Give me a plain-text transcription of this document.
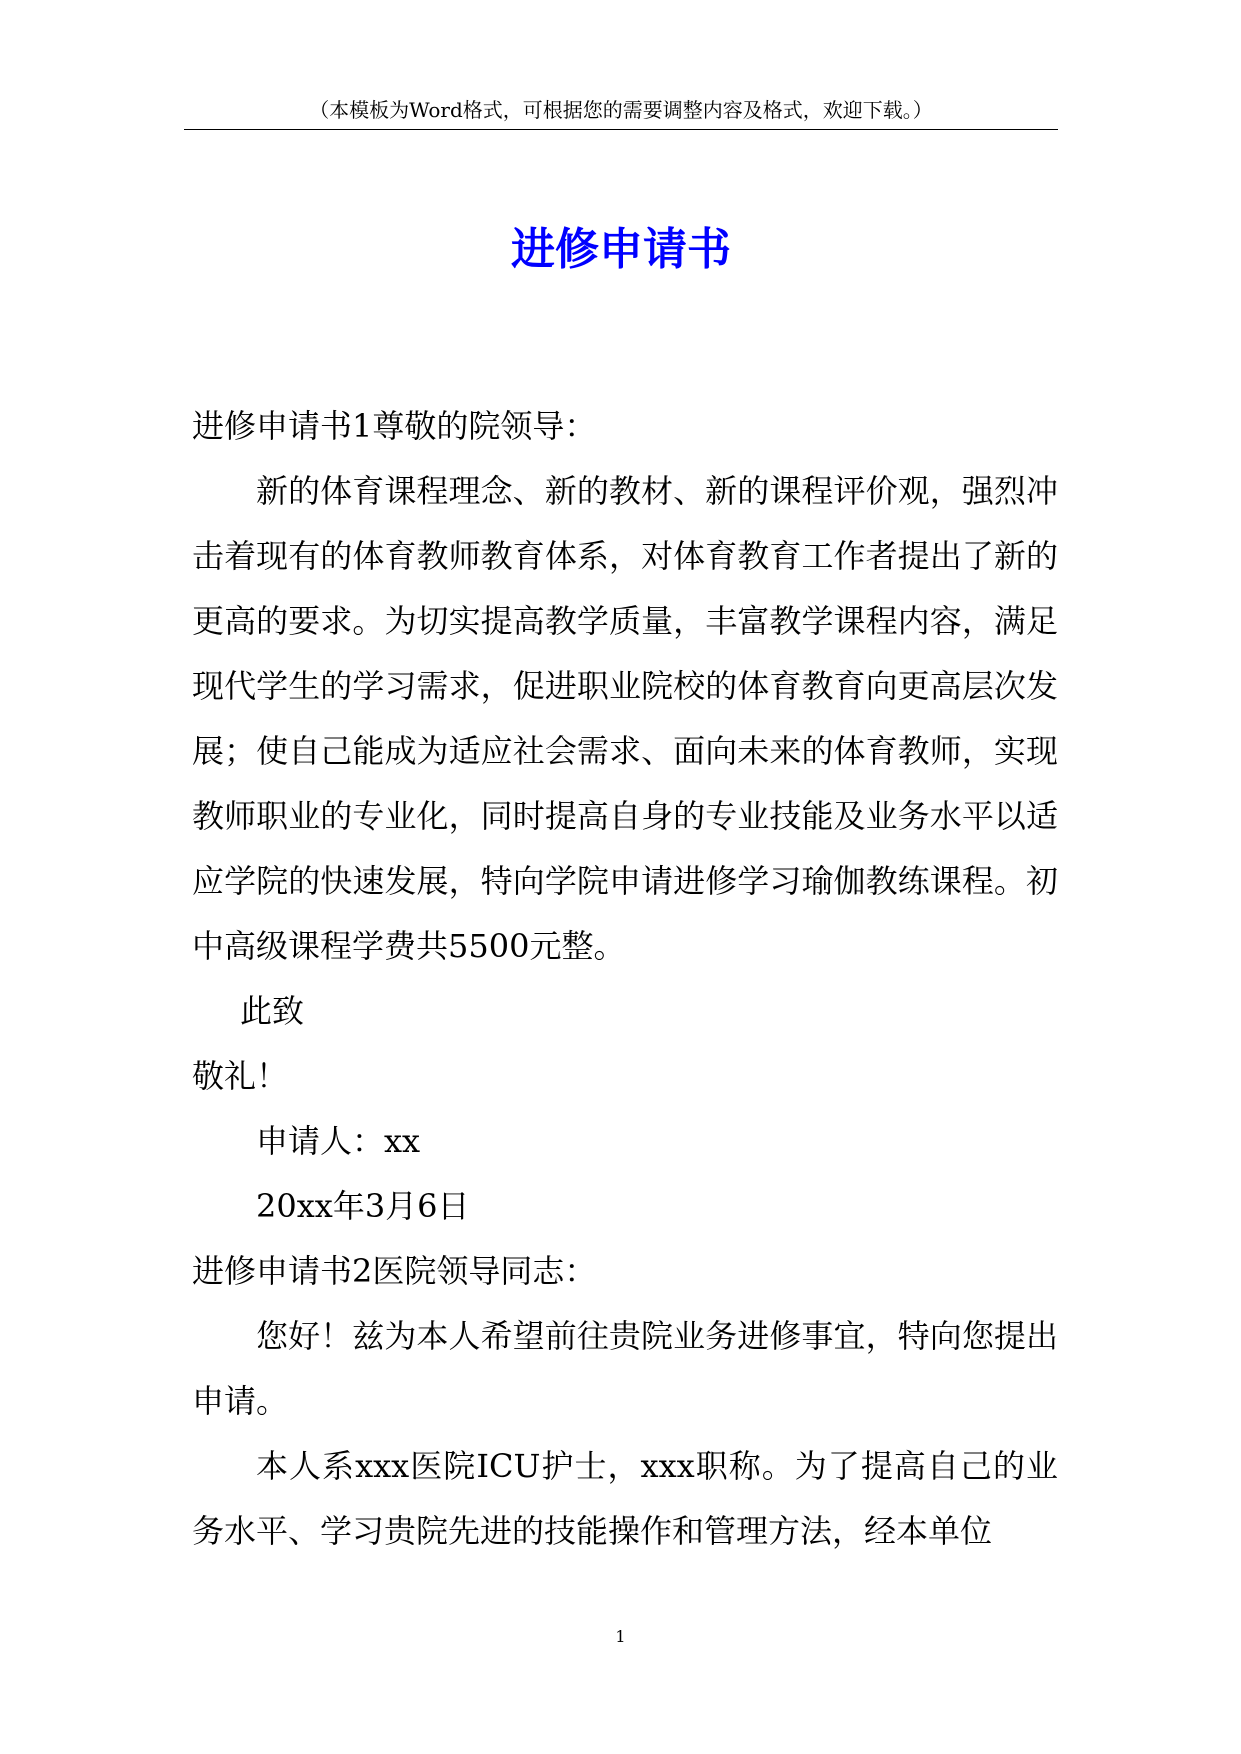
（本模板为Word格式，可根据您的需要调整内容及格式，欢迎下载。）
进修申请书

进修申请书1尊敬的院领导：

新的体育课程理念、新的教材、新的课程评价观，强烈冲击着现有的体育教师教育体系，对体育教育工作者提出了新的更高的要求。为切实提高教学质量，丰富教学课程内容，满足现代学生的学习需求，促进职业院校的体育教育向更高层次发展；使自己能成为适应社会需求、面向未来的体育教师，实现教师职业的专业化，同时提高自身的专业技能及业务水平以适应学院的快速发展，特向学院申请进修学习瑜伽教练课程。初中高级课程学费共5500元整。

此致

敬礼！

申请人：xx

20xx年3月6日

进修申请书2医院领导同志：

您好！兹为本人希望前往贵院业务进修事宜，特向您提出申请。

本人系xxx医院ICU护士，xxx职称。为了提高自己的业务水平、学习贵院先进的技能操作和管理方法，经本单位

1
